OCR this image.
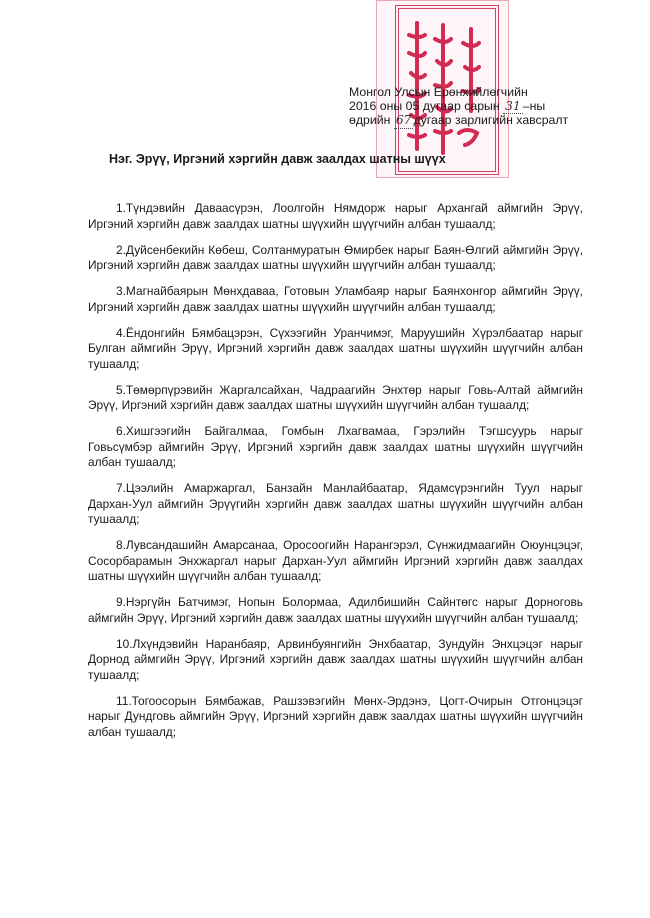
Монгол Улсын Ерөнхийлөгчийн
2016 оны 05 дугаар сарын 31 –ны
өдрийн 67 дугаар зарлигийн хавсралт
Нэг. Эрүү, Иргэний хэргийн давж заалдах шатны шүүх

1.Түндэвийн Даваасүрэн, Лоолгойн Нямдорж нарыг Архангай аймгийн Эрүү, Иргэний хэргийн давж заалдах шатны шүүхийн шүүгчийн албан тушаалд;

2.Дуйсенбекийн Көбеш, Солтанмуратын Өмирбек нарыг Баян-Өлгий аймгийн Эрүү, Иргэний хэргийн давж заалдах шатны шүүхийн шүүгчийн албан тушаалд;

3.Магнайбаярын Мөнхдаваа, Готовын Уламбаяр нарыг Баянхонгор аймгийн Эрүү, Иргэний хэргийн давж заалдах шатны шүүхийн шүүгчийн албан тушаалд;

4.Ёндонгийн Бямбацэрэн, Сүхээгийн Уранчимэг, Маруушийн Хүрэлбаатар нарыг Булган аймгийн Эрүү, Иргэний хэргийн давж заалдах шатны шүүхийн шүүгчийн албан тушаалд;

5.Төмөрпүрэвийн Жаргалсайхан, Чадраагийн Энхтөр нарыг Говь-Алтай аймгийн Эрүү, Иргэний хэргийн давж заалдах шатны шүүхийн шүүгчийн албан тушаалд;

6.Хишгээгийн Байгалмаа, Гомбын Лхагвамаа, Гэрэлийн Тэгшсуурь нарыг Говьсүмбэр аймгийн Эрүү, Иргэний хэргийн давж заалдах шатны шүүхийн шүүгчийн албан тушаалд;

7.Цээлийн Амаржаргал, Банзайн Манлайбаатар, Ядамсүрэнгийн Туул нарыг Дархан-Уул аймгийн Эрүүгийн хэргийн давж заалдах шатны шүүхийн шүүгчийн албан тушаалд;

8.Лувсандашийн Амарсанаа, Оросоогийн Нарангэрэл, Сүнжидмаагийн Оюунцэцэг, Сосорбарамын Энхжаргал нарыг Дархан-Уул аймгийн Иргэний хэргийн давж заалдах шатны шүүхийн шүүгчийн албан тушаалд;

9.Нэргүйн Батчимэг, Нопын Болормаа, Адилбишийн Сайнтөгс нарыг Дорноговь аймгийн Эрүү, Иргэний хэргийн давж заалдах шатны шүүхийн шүүгчийн албан тушаалд;

10.Лхүндэвийн Наранбаяр, Арвинбуянгийн Энхбаатар, Зундуйн Энхцэцэг нарыг Дорнод аймгийн Эрүү, Иргэний хэргийн давж заалдах шатны шүүхийн шүүгчийн албан тушаалд;

11.Тогоосорын Бямбажав, Рашзэвэгийн Мөнх-Эрдэнэ, Цогт-Очирын Отгонцэцэг нарыг Дундговь аймгийн Эрүү, Иргэний хэргийн давж заалдах шатны шүүхийн шүүгчийн албан тушаалд;
